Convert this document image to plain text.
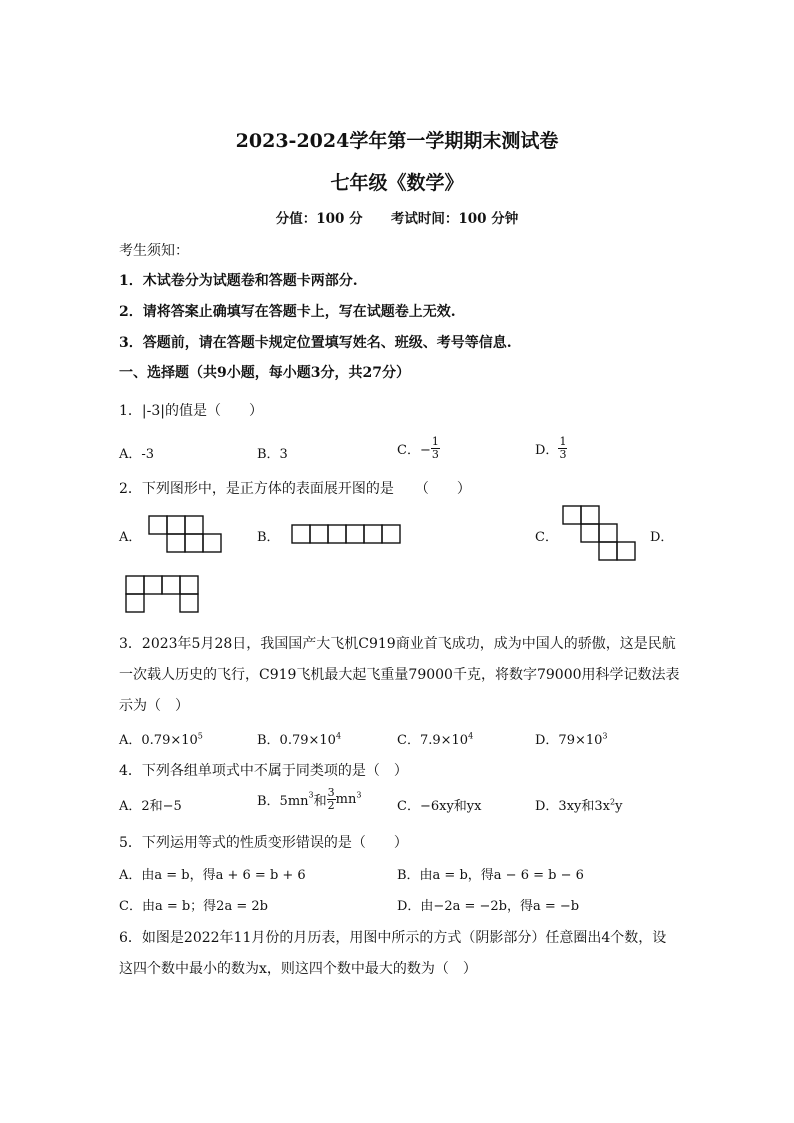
2023-2024学年第一学期期末测试卷
七年级《数学》
分值：100 分      考试时间：100 分钟
考生须知：
1．木试卷分为试题卷和答题卡两部分.
2．请将答案止确填写在答题卡上，写在试题卷上无效.
3．答题前，请在答题卡规定位置填写姓名、班级、考号等信息.
一、选择题（共9小题，每小题3分，共27分）
1．|-3|的值是（　　）
A．-3	B．3	C．− $\frac{1}{3}$	D． $\frac{1}{3}$
2．下列图形中，是正方体的表面展开图的是　　（　　）
A．	B．	C．	D．
3．2023年5月28日，我国国产大飞机C919商业首飞成功，成为中国人的骄傲，这是民航
一次载人历史的飞行，C919飞机最大起飞重量79000千克，将数字79000用科学记数法表
示为（　）
A．$0.79\times 10^5$	B．$0.79\times 10^4$	C．$7.9\times 10^4$	D．$79\times 10^3$
4．下列各组单项式中不属于同类项的是（　）
A．2和−5	B．$5mn^3$和 $\frac{3}{2} mn^3$
C．−6xy和yx	D．3xy和$3x^2y$
5．下列运用等式的性质变形错误的是（　　）
A．由a = b，得a + 6 = b + 6	B．由a = b，得a − 6 = b − 6
C．由a = b；得2a = 2b	D．由−2a = −2b，得a = −b
6．如图是2022年11月份的月历表，用图中所示的方式（阴影部分）任意圈出4个数，设
这四个数中最小的数为x，则这四个数中最大的数为（　）
